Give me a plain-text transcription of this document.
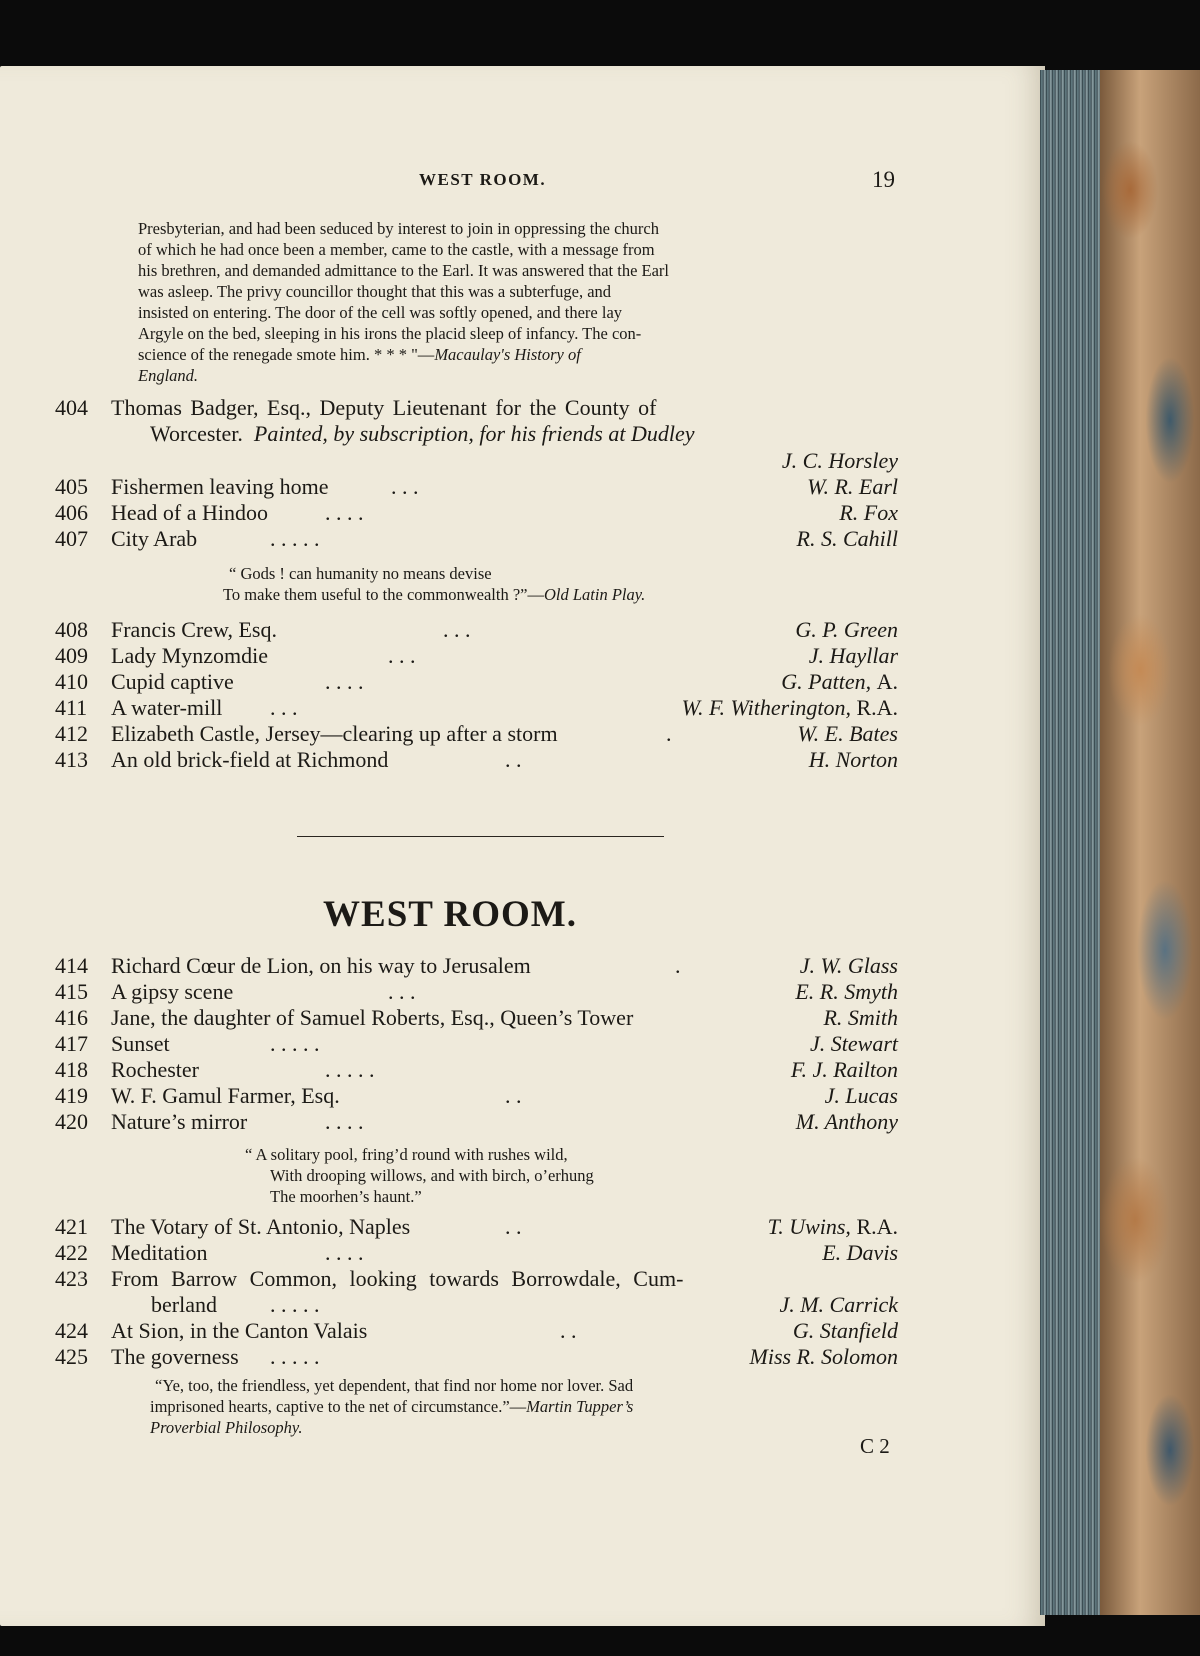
WEST ROOM.	19
Presbyterian, and had been seduced by interest to join in oppressing the church
of which he had once been a member, came to the castle, with a message from
his brethren, and demanded admittance to the Earl. It was answered that the Earl
was asleep. The privy councillor thought that this was a subterfuge, and
insisted on entering. The door of the cell was softly opened, and there lay
Argyle on the bed, sleeping in his irons the placid sleep of infancy. The con-
science of the renegade smote him. * * * "—Macaulay's History of
England.
404 Thomas Badger, Esq., Deputy Lieutenant for the County of
Worcester. Painted, by subscription, for his friends at Dudley
J. C. Horsley
405 Fishermen leaving home	. . .	W. R. Earl
406 Head of a Hindoo	. . . .	R. Fox
407 City Arab	. . . . .	R. S. Cahill
“ Gods ! can humanity no means devise
To make them useful to the commonwealth ?”—Old Latin Play.
408 Francis Crew, Esq.	. . .	G. P. Green
409 Lady Mynzomdie	. . .	J. Hayllar
410 Cupid captive	. . . .	G. Patten, A.
411 A water-mill . . .	W. F. Witherington, R.A.
412 Elizabeth Castle, Jersey—clearing up after a storm	.	W. E. Bates
413 An old brick-field at Richmond	. .	H. Norton
WEST ROOM.
414 Richard Cœur de Lion, on his way to Jerusalem	.	J. W. Glass
415 A gipsy scene	. . .	E. R. Smyth
416 Jane, the daughter of Samuel Roberts, Esq., Queen’s Tower	R. Smith
417 Sunset	. . . . .	J. Stewart
418 Rochester	. . . . .	F. J. Railton
419 W. F. Gamul Farmer, Esq.	. .	J. Lucas
420 Nature’s mirror	. . . .	M. Anthony
“ A solitary pool, fring’d round with rushes wild,
With drooping willows, and with birch, o’erhung
The moorhen’s haunt.”
421 The Votary of St. Antonio, Naples	. .	T. Uwins, R.A.
422 Meditation	. . . .	E. Davis
423 From Barrow Common, looking towards Borrowdale, Cum-
berland . . . . .	J. M. Carrick
424 At Sion, in the Canton Valais	. .	G. Stanfield
425 The governess . . . . .	Miss R. Solomon
“Ye, too, the friendless, yet dependent, that find nor home nor lover. Sad
imprisoned hearts, captive to the net of circumstance.”—Martin Tupper’s
Proverbial Philosophy.
C 2
